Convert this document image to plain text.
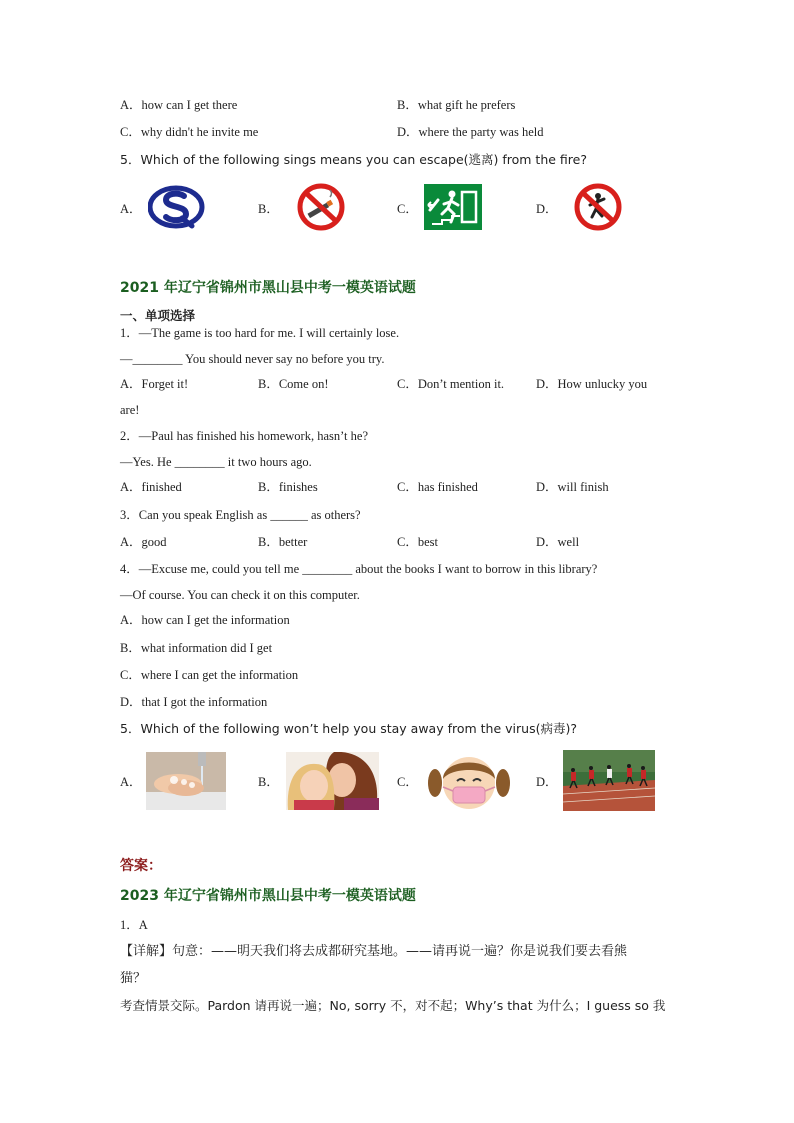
A．how can I get there	B．what gift he prefers
C．why didn't he invite me	D．where the party was held
5．Which of the following sings means you can escape(逃离) from the fire?
A．	B．	C．	D．
2021 年辽宁省锦州市黑山县中考一模英语试题
一、单项选择
1．—The game is too hard for me. I will certainly lose.
—________ You should never say no before you try.
A．Forget it!	B．Come on!	C．Don’t mention it.	D．How unlucky you
are!
2．—Paul has finished his homework, hasn’t he?
—Yes. He ________ it two hours ago.
A．finished	B．finishes	C．has finished	D．will finish
3．Can you speak English as ______ as others?
A．good	B．better	C．best	D．well
4．—Excuse me, could you tell me ________ about the books I want to borrow in this library?
—Of course. You can check it on this computer.
A．how can I get the information
B．what information did I get
C．where I can get the information
D．that I got the information
5．Which of the following won’t help you stay away from the virus(病毒)?
A．	B．	C．	D．
答案：
2023 年辽宁省锦州市黑山县中考一模英语试题
1．A
【详解】句意：——明天我们将去成都研究基地。——请再说一遍？你是说我们要去看熊
猫？
考查情景交际。Pardon 请再说一遍；No, sorry 不，对不起；Why’s that 为什么；I guess so 我
